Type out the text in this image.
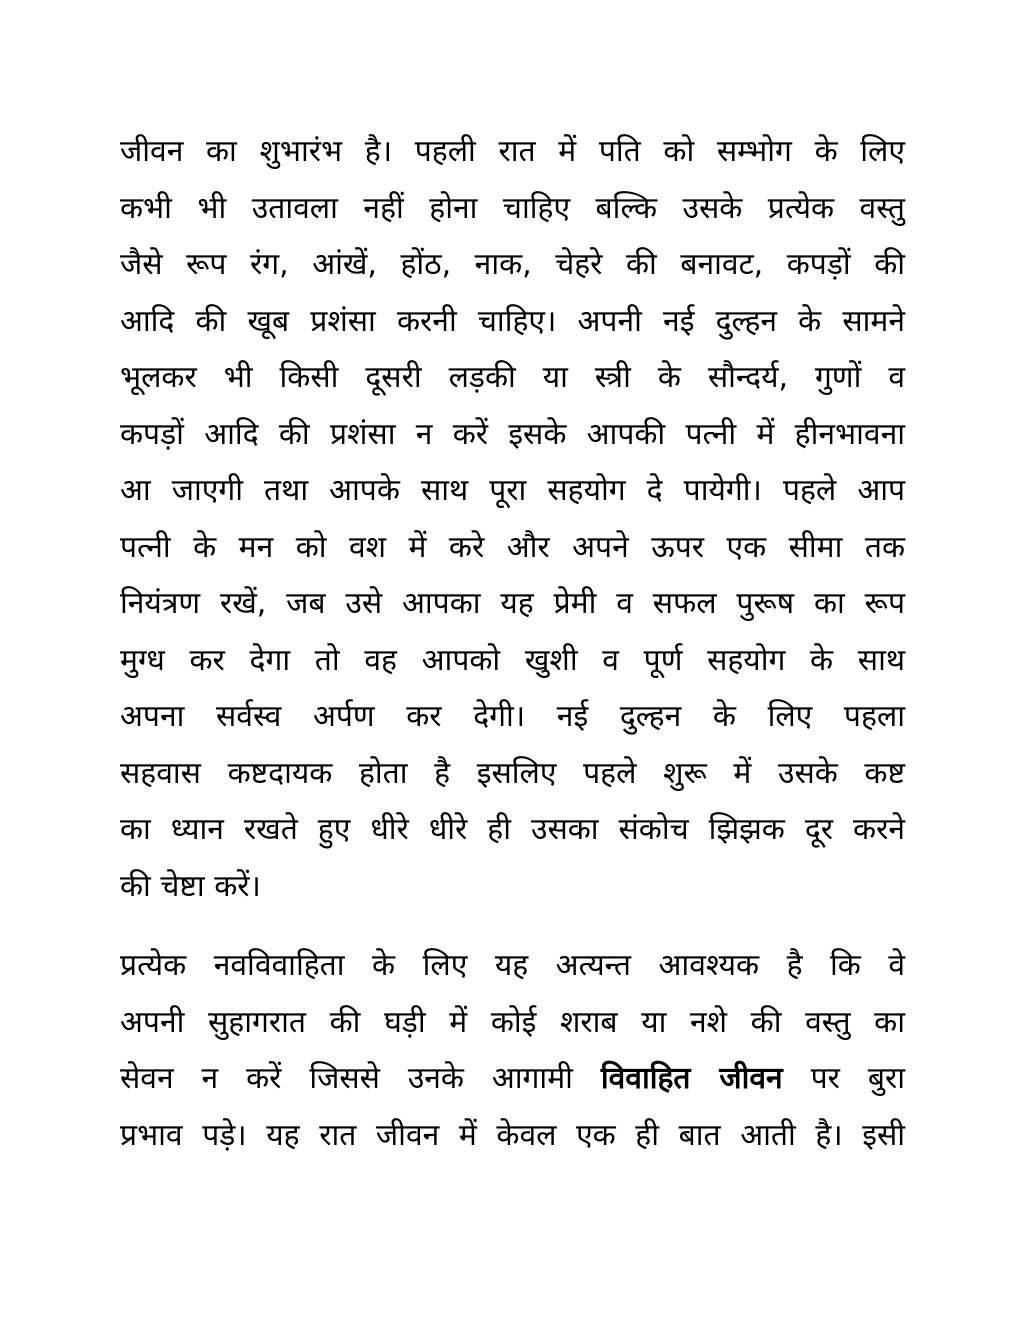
जीवन का शुभारंभ है। पहली रात में पति को सम्भोग के लिए
कभी भी उतावला नहीं होना चाहिए बल्कि उसके प्रत्येक वस्तु
जैसे रूप रंग, आंखें, होंठ, नाक, चेहरे की बनावट, कपड़ों की
आदि की खूब प्रशंसा करनी चाहिए। अपनी नई दुल्हन के सामने
भूलकर भी किसी दूसरी लड़की या स्त्री के सौन्दर्य, गुणों व
कपड़ों आदि की प्रशंसा न करें इसके आपकी पत्नी में हीनभावना
आ जाएगी तथा आपके साथ पूरा सहयोग दे पायेगी। पहले आप
पत्नी के मन को वश में करे और अपने ऊपर एक सीमा तक
नियंत्रण रखें, जब उसे आपका यह प्रेमी व सफल पुरूष का रूप
मुग्ध कर देगा तो वह आपको खुशी व पूर्ण सहयोग के साथ
अपना सर्वस्व अर्पण कर देगी। नई दुल्हन के लिए पहला
सहवास कष्टदायक होता है इसलिए पहले शुरू में उसके कष्ट
का ध्यान रखते हुए धीरे धीरे ही उसका संकोच झिझक दूर करने
की चेष्टा करें।
प्रत्येक नवविवाहिता के लिए यह अत्यन्त आवश्यक है कि वे
अपनी सुहागरात की घड़ी में कोई शराब या नशे की वस्तु का
सेवन न करें जिससे उनके आगामी विवाहित जीवन पर बुरा
प्रभाव पड़े। यह रात जीवन में केवल एक ही बात आती है। इसी
